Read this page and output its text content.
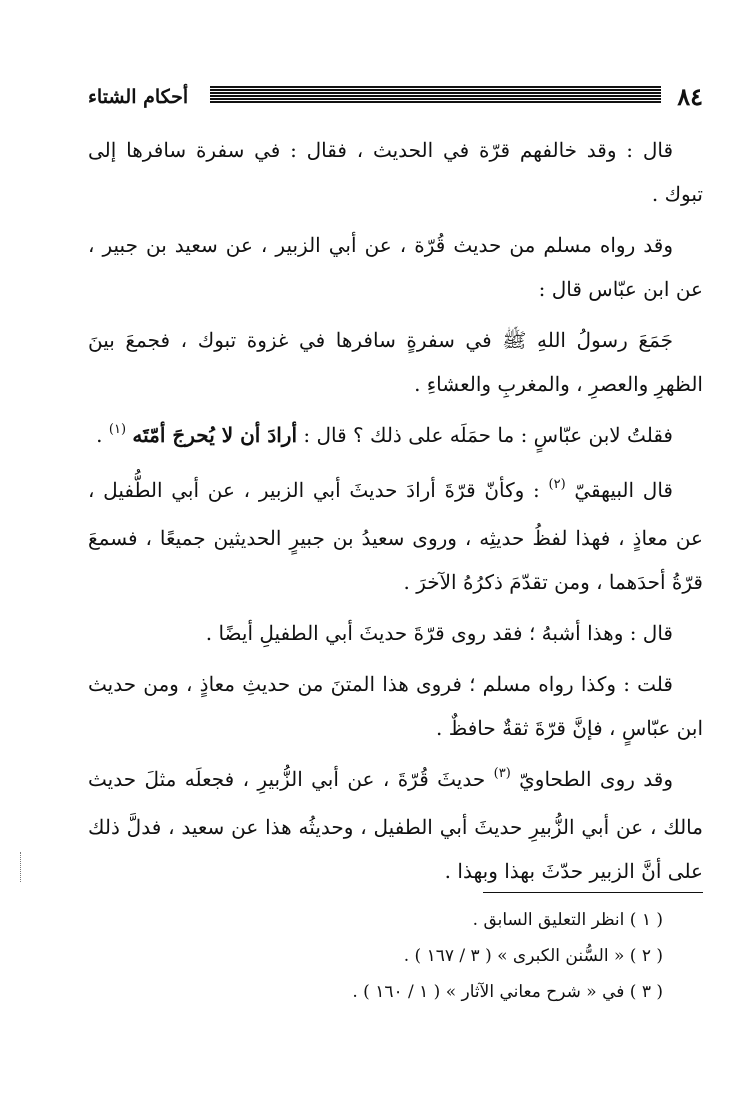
٨٤
أحكام الشتاء

قال : وقد خالفهم قرّة في الحديث ، فقال : في سفرة سافرها إلى تبوك .

وقد رواه مسلم من حديث قُرّة ، عن أبي الزبير ، عن سعيد بن جبير ، عن ابن عبّاس قال :

جَمَعَ رسولُ اللهِ ﷺ في سفرةٍ سافرها في غزوة تبوك ، فجمعَ بينَ الظهرِ والعصرِ ، والمغربِ والعشاءِ .

فقلتُ لابن عبّاسٍ : ما حمَلَه على ذلك ؟ قال : أرادَ أن لا يُحرجَ أمّتَه $^{(١)}$ .

قال البيهقيّ $^{(٢)}$ : وكأنّ قرّةَ أرادَ حديثَ أبي الزبير ، عن أبي الطُّفيل ، عن معاذٍ ، فهذا لفظُ حديثِه ، وروى سعيدُ بن جبيرٍ الحديثين جميعًا ، فسمعَ قرّةُ أحدَهما ، ومن تقدّمَ ذكرُهُ الآخرَ .

قال : وهذا أشبهُ ؛ فقد روى قرّةَ حديثَ أبي الطفيلِ أيضًا .

قلت : وكذا رواه مسلم ؛ فروى هذا المتنَ من حديثِ معاذٍ ، ومن حديث ابن عبّاسٍ ، فإنَّ قرّةَ ثقةٌ حافظٌ .

وقد روى الطحاويّ $^{(٣)}$ حديثَ قُرّةَ ، عن أبي الزُّبيرِ ، فجعلَه مثلَ حديث مالك ، عن أبي الزُّبيرِ حديثَ أبي الطفيل ، وحديثُه هذا عن سعيد ، فدلَّ ذلك على أنَّ الزبير حدّثَ بهذا وبهذا .

( ١ ) انظر التعليق السابق .

( ٢ ) « السُّنن الكبرى » ( ٣ / ١٦٧ ) .

( ٣ ) في « شرح معاني الآثار » ( ١ / ١٦٠ ) .
